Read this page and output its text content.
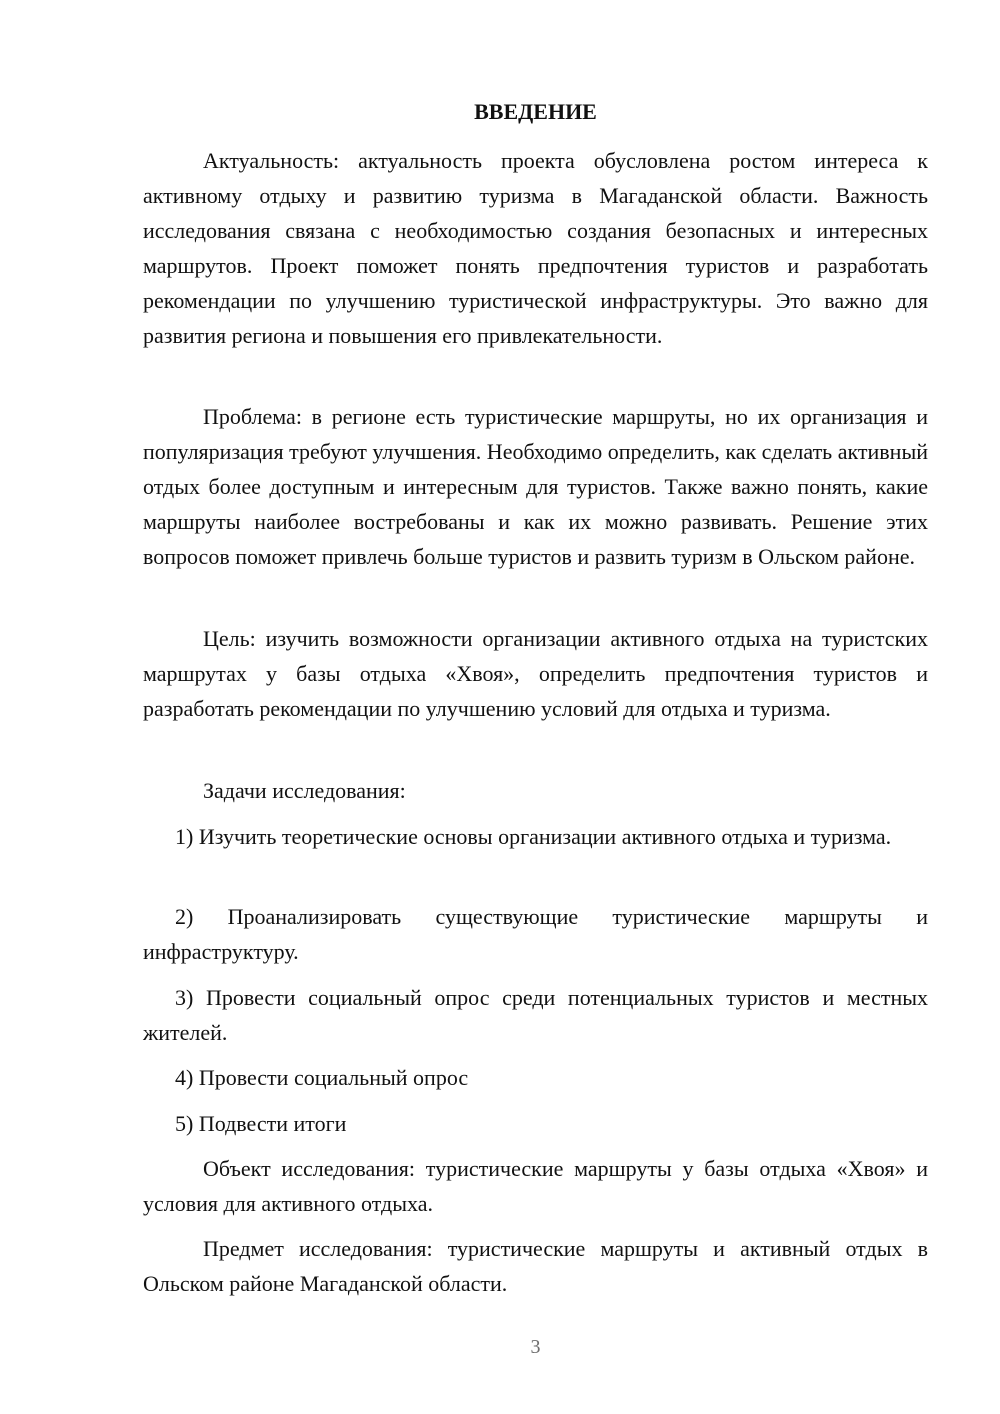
ВВЕДЕНИЕ

Актуальность: актуальность проекта обусловлена ростом интереса к активному отдыху и развитию туризма в Магаданской области. Важность исследования связана с необходимостью создания безопасных и интересных маршрутов. Проект поможет понять предпочтения туристов и разработать рекомендации по улучшению туристической инфраструктуры. Это важно для развития региона и повышения его привлекательности.

Проблема: в регионе есть туристические маршруты, но их организация и популяризация требуют улучшения. Необходимо определить, как сделать активный отдых более доступным и интересным для туристов. Также важно понять, какие маршруты наиболее востребованы и как их можно развивать. Решение этих вопросов поможет привлечь больше туристов и развить туризм в Ольском районе.

Цель: изучить возможности организации активного отдыха на туристских маршрутах у базы отдыха «Хвоя», определить предпочтения туристов и разработать рекомендации по улучшению условий для отдыха и туризма.

Задачи исследования:

1) Изучить теоретические основы организации активного отдыха и туризма.

2) Проанализировать существующие туристические маршруты и инфраструктуру.

3) Провести социальный опрос среди потенциальных туристов и местных жителей.

4) Провести социальный опрос

5) Подвести итоги

Объект исследования: туристические маршруты у базы отдыха «Хвоя» и условия для активного отдыха.

Предмет исследования: туристические маршруты и активный отдых в Ольском районе Магаданской области.

3
